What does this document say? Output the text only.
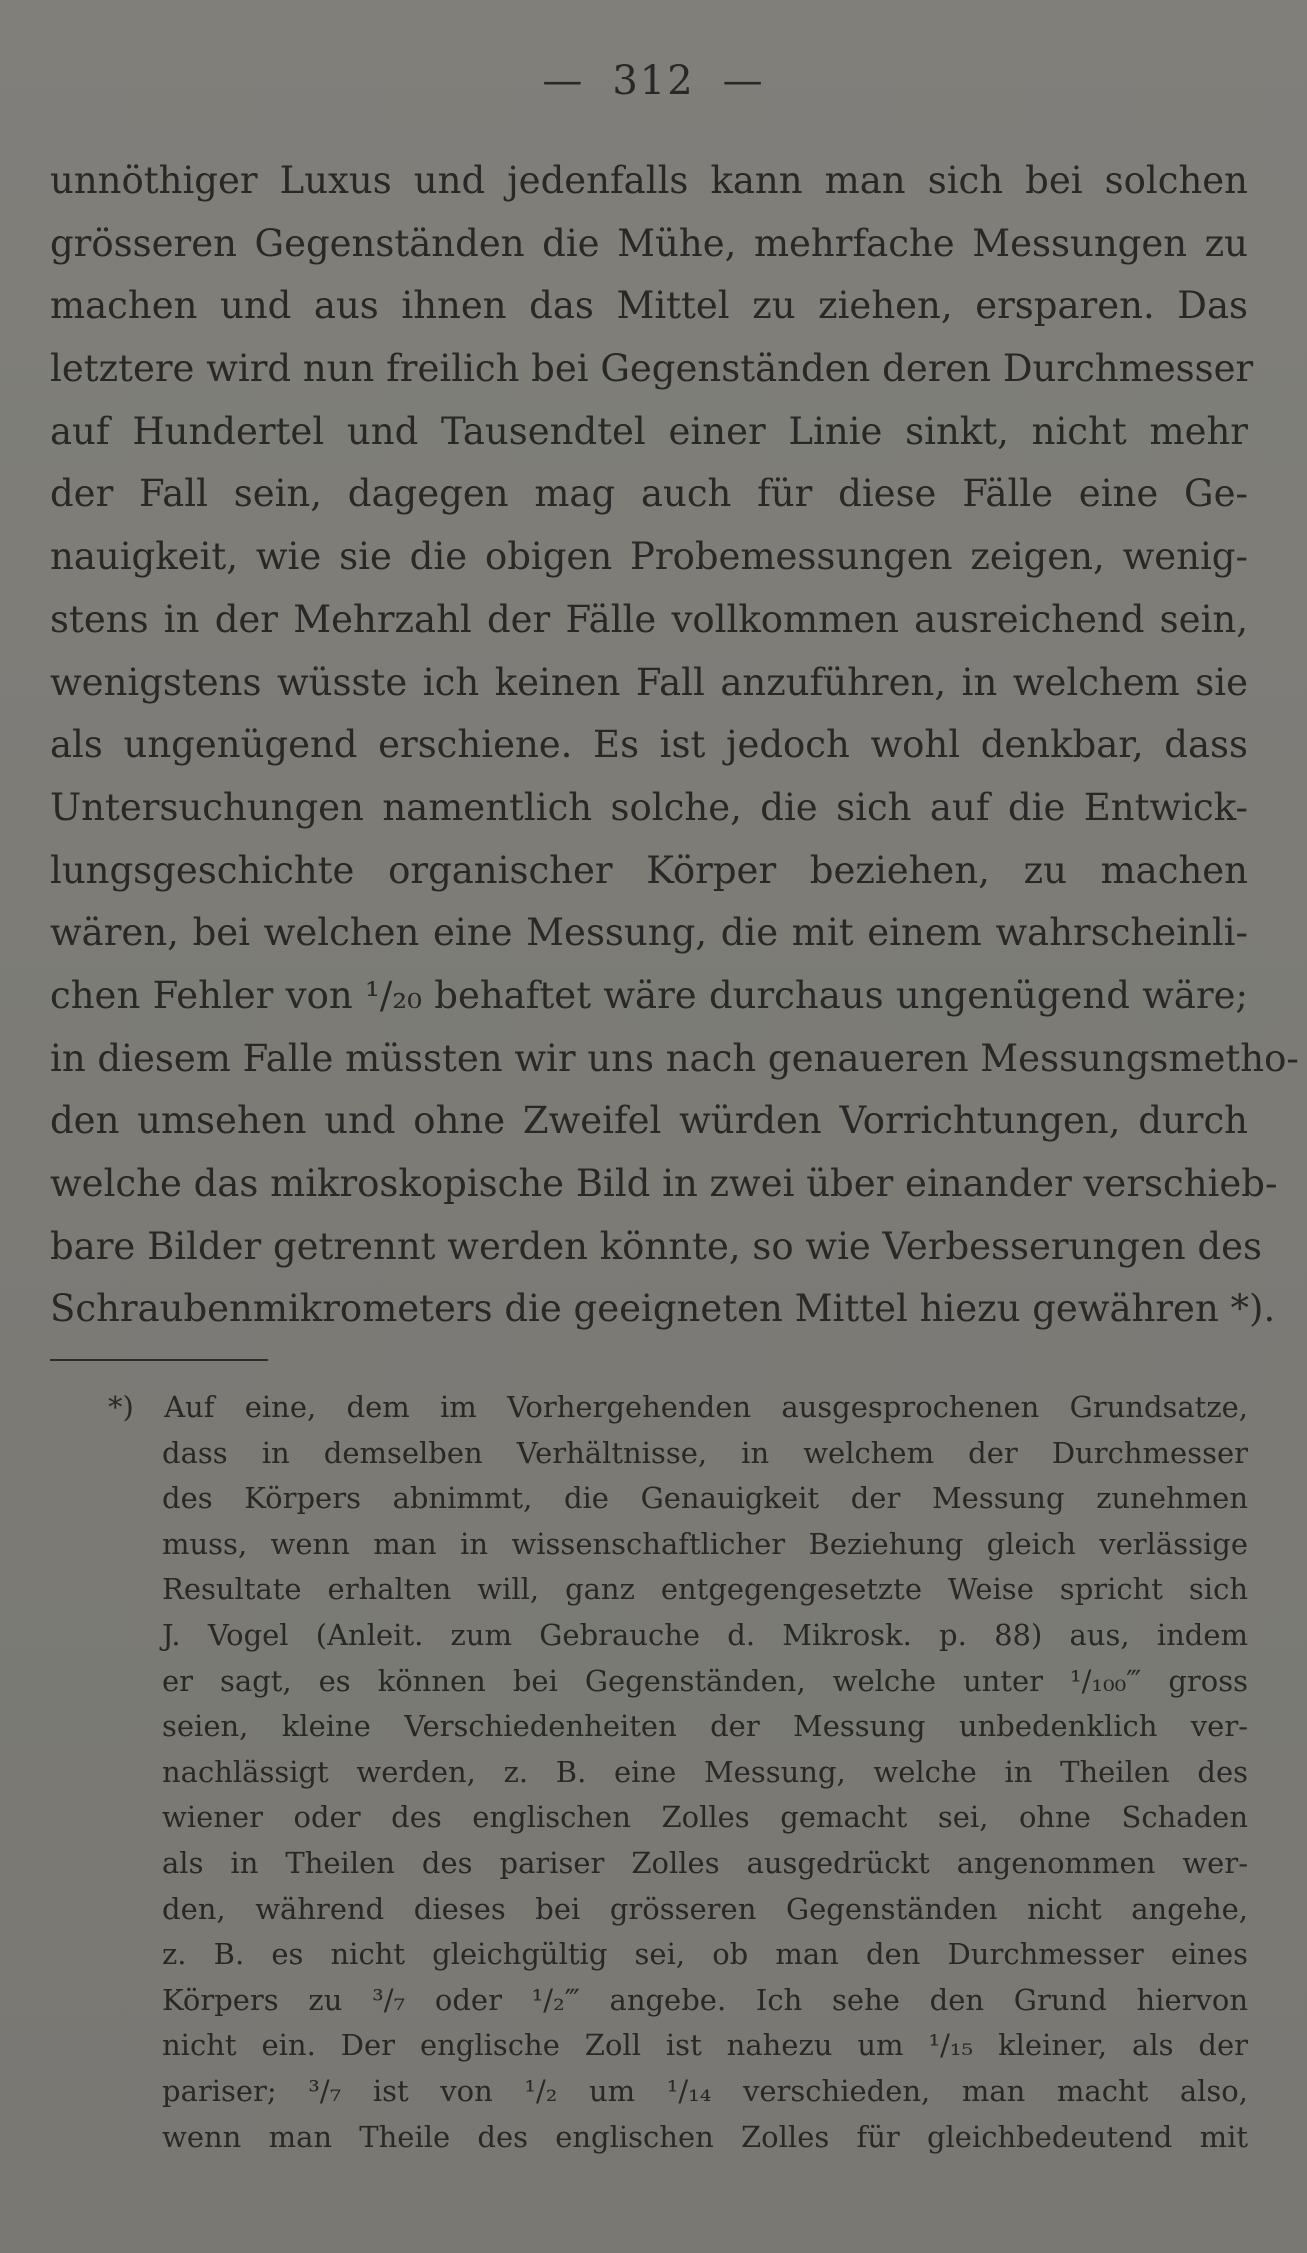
— 312 —
unnöthiger Luxus und jedenfalls kann man sich bei solchen
grösseren Gegenständen die Mühe, mehrfache Messungen zu
machen und aus ihnen das Mittel zu ziehen, ersparen. Das
letztere wird nun freilich bei Gegenständen deren Durchmesser
auf Hundertel und Tausendtel einer Linie sinkt, nicht mehr
der Fall sein, dagegen mag auch für diese Fälle eine Ge-
nauigkeit, wie sie die obigen Probemessungen zeigen, wenig-
stens in der Mehrzahl der Fälle vollkommen ausreichend sein,
wenigstens wüsste ich keinen Fall anzuführen, in welchem sie
als ungenügend erschiene. Es ist jedoch wohl denkbar, dass
Untersuchungen namentlich solche, die sich auf die Entwick-
lungsgeschichte organischer Körper beziehen, zu machen
wären, bei welchen eine Messung, die mit einem wahrscheinli-
chen Fehler von ¹/₂₀ behaftet wäre durchaus ungenügend wäre;
in diesem Falle müssten wir uns nach genaueren Messungsmetho-
den umsehen und ohne Zweifel würden Vorrichtungen, durch
welche das mikroskopische Bild in zwei über einander verschieb-
bare Bilder getrennt werden könnte, so wie Verbesserungen des
Schraubenmikrometers die geeigneten Mittel hiezu gewähren *).
*) Auf eine, dem im Vorhergehenden ausgesprochenen Grundsatze,
dass in demselben Verhältnisse, in welchem der Durchmesser
des Körpers abnimmt, die Genauigkeit der Messung zunehmen
muss, wenn man in wissenschaftlicher Beziehung gleich verlässige
Resultate erhalten will, ganz entgegengesetzte Weise spricht sich
J. Vogel (Anleit. zum Gebrauche d. Mikrosk. p. 88) aus, indem
er sagt, es können bei Gegenständen, welche unter ¹/₁₀₀‴ gross
seien, kleine Verschiedenheiten der Messung unbedenklich ver-
nachlässigt werden, z. B. eine Messung, welche in Theilen des
wiener oder des englischen Zolles gemacht sei, ohne Schaden
als in Theilen des pariser Zolles ausgedrückt angenommen wer-
den, während dieses bei grösseren Gegenständen nicht angehe,
z. B. es nicht gleichgültig sei, ob man den Durchmesser eines
Körpers zu ³/₇ oder ¹/₂‴ angebe. Ich sehe den Grund hiervon
nicht ein. Der englische Zoll ist nahezu um ¹/₁₅ kleiner, als der
pariser; ³/₇ ist von ¹/₂ um ¹/₁₄ verschieden, man macht also,
wenn man Theile des englischen Zolles für gleichbedeutend mit
